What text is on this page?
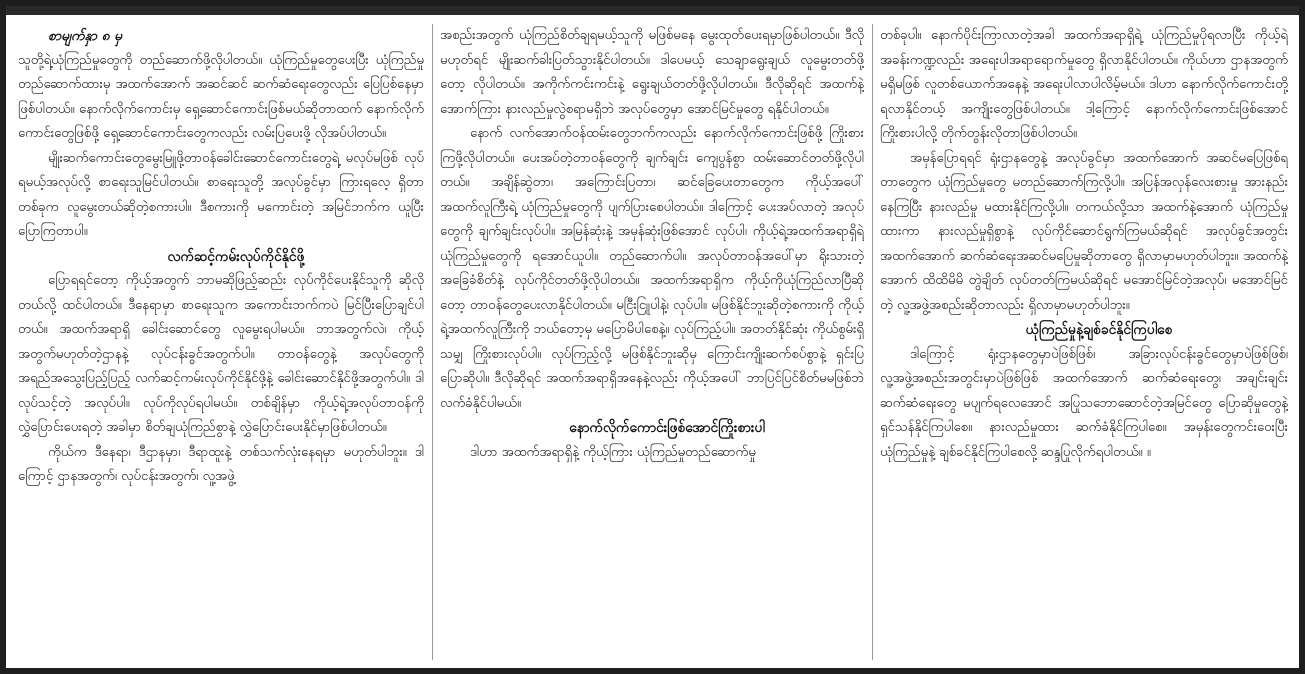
စာမျက်နှာ ၈ မှ

သူတို့ရဲ့ယုံကြည်မှုတွေကို တည်ဆောက်ဖို့လိုပါတယ်။ ယုံကြည်မှုတွေပေးပြီး ယုံကြည်မှုတည်ဆောက်ထားမှ အထက်အောက် အဆင်ဆင် ဆက်ဆံရေးတွေလည်း ပြေပြစ်နေမှာဖြစ်ပါတယ်။ နောက်လိုက်ကောင်းမှ ရှေ့ဆောင်ကောင်းဖြစ်မယ်ဆိုတာထက် နောက်လိုက်ကောင်းတွေဖြစ်ဖို့ ရှေ့ဆောင်ကောင်းတွေကလည်း လမ်းပြပေးဖို့ လိုအပ်ပါတယ်။

မျိုးဆက်ကောင်းတွေမွေးမြူဖို့တာဝန်ခေါင်းဆောင်ကောင်းတွေရဲ့ မလုပ်မဖြစ် လုပ်ရမယ့်အလုပ်လို့ စာရေးသူမြင်ပါတယ်။ စာရေးသူတို့ အလုပ်ခွင်မှာ ကြားရလေ့ ရှိတာတစ်ခုက လူမွေးတယ်ဆိုတဲ့စကားပါ။ ဒီစကားကို မကောင်းတဲ့ အမြင်ဘက်က ယူပြီး ပြောကြတာပါ။

လက်ဆင့်ကမ်းလုပ်ကိုင်နိုင်ဖို့

ပြောရရင်တော့ ကိုယ့်အတွက် ဘာမဆိုဖြည့်ဆည်း လုပ်ကိုင်ပေးနိုင်သူကို ဆိုလိုတယ်လို့ ထင်ပါတယ်။ ဒီနေရာမှာ စာရေးသူက အကောင်းဘက်ကပဲ မြင်ပြီးပြောချင်ပါတယ်။ အထက်အရာရှိ ခေါင်းဆောင်တွေ လူမွေးရပါမယ်။ ဘာအတွက်လဲ၊ ကိုယ့်အတွက်မဟုတ်တဲ့ဌာနနဲ့ လုပ်ငန်းခွင်အတွက်ပါ။ တာဝန်တွေနဲ့ အလုပ်တွေကို အရည်အသွေးပြည့်ပြည့် လက်ဆင့်ကမ်းလုပ်ကိုင်နိုင်ဖို့နဲ့ ခေါင်းဆောင်နိုင်ဖို့အတွက်ပါ။ ဒါလုပ်သင့်တဲ့ အလုပ်ပါ။ လုပ်ကိုလုပ်ရပါမယ်။ တစ်ချိန်မှာ ကိုယ့်ရဲ့အလုပ်တာဝန်ကို လွှဲပြောင်းပေးရတဲ့ အခါမှာ စိတ်ချယုံကြည်စွာနဲ့ လွှဲပြောင်းပေးနိုင်မှာဖြစ်ပါတယ်။

ကိုယ်က ဒီနေရာ၊ ဒီဌာနမှာ၊ ဒီရာထူးနဲ့ တစ်သက်လုံးနေရမှာ မဟုတ်ပါဘူး။ ဒါကြောင့် ဌာနအတွက်၊ လုပ်ငန်းအတွက်၊ လူ့အဖွဲ့

အစည်းအတွက် ယုံကြည်စိတ်ချရမယ့်သူကို မဖြစ်မနေ မွေးထုတ်ပေးရမှာဖြစ်ပါတယ်။ ဒီလိုမဟုတ်ရင် မျိုးဆက်ခါးပြတ်သွားနိုင်ပါတယ်။ ဒါပေမယ့် သေချာရွေးချယ် လူမွေးတတ်ဖို့တော့ လိုပါတယ်။ အကိုက်ကင်းကင်းနဲ့ ရွေးချယ်တတ်ဖို့လိုပါတယ်။ ဒီလိုဆိုရင် အထက်နဲ့ အောက်ကြား နားလည်မှုလွဲစရာမရှိဘဲ အလုပ်တွေမှာ အောင်မြင်မှုတွေ ရနိုင်ပါတယ်။

နောက် လက်အောက်ဝန်ထမ်းတွေဘက်ကလည်း နောက်လိုက်ကောင်းဖြစ်ဖို့ ကြိုးစားကြဖို့လိုပါတယ်။ ပေးအပ်တဲ့တာဝန်တွေကို ချက်ချင်း ကျေပွန်စွာ ထမ်းဆောင်တတ်ဖို့လိုပါတယ်။ အချိန်ဆွဲတာ၊ အကြောင်းပြတာ၊ ဆင်ခြေပေးတာတွေက ကိုယ့်အပေါ် အထက်လူကြီးရဲ့ ယုံကြည်မှုတွေကို ပျက်ပြားစေပါတယ်။ ဒါကြောင့် ပေးအပ်လာတဲ့ အလုပ်တွေကို ချက်ချင်းလုပ်ပါ။ အမြန်ဆုံးနဲ့ အမှန်ဆုံးဖြစ်အောင် လုပ်ပါ၊ ကိုယ့်ရဲ့အထက်အရာရှိရဲ့ ယုံကြည်မှုတွေကို ရအောင်ယူပါ။ တည်ဆောက်ပါ။ အလုပ်တာဝန်အပေါ်မှာ ရိုးသားတဲ့အခြေခံစိတ်နဲ့ လုပ်ကိုင်တတ်ဖို့လိုပါတယ်။ အထက်အရာရှိက ကိုယ့်ကိုယုံကြည်လာပြီဆိုတော့ တာဝန်တွေပေးလာနိုင်ပါတယ်။ မငြီးငြူပါနဲ့၊ လုပ်ပါ။ မဖြစ်နိုင်ဘူးဆိုတဲ့စကားကို ကိုယ့်ရဲ့အထက်လူကြီးကို ဘယ်တော့မှ မပြောမိပါစေနဲ့။ လုပ်ကြည့်ပါ။ အတတ်နိုင်ဆုံး ကိုယ်စွမ်းရှိသမျှ ကြိုးစားလုပ်ပါ။ လုပ်ကြည့်လို့ မဖြစ်နိုင်ဘူးဆိုမှ ကြောင်းကျိုးဆက်စပ်စွာနဲ့ ရှင်းပြပြောဆိုပါ။ ဒီလိုဆိုရင် အထက်အရာရှိအနေနဲ့လည်း ကိုယ့်အပေါ် ဘာပြင်ပြင်စိတ်မမဖြစ်ဘဲ လက်ခံနိုင်ပါမယ်။

နောက်လိုက်ကောင်းဖြစ်အောင်ကြိုးစားပါ

ဒါဟာ အထက်အရာရှိနဲ့ ကိုယ့်ကြား ယုံကြည်မှုတည်ဆောက်မှု

တစ်ခုပါ။ နောက်ပိုင်းကြာလာတဲ့အခါ အထက်အရာရှိရဲ့ ယုံကြည်မှုပိုရလာပြီး ကိုယ့်ရဲ့အခန်းကဏ္ဍလည်း အရေးပါအရာရောက်မှုတွေ ရှိလာနိုင်ပါတယ်။ ကိုယ်ဟာ ဌာနအတွက် မရှိမဖြစ် လူတစ်ယောက်အနေနဲ့ အရေးပါလာပါလိမ့်မယ်။ ဒါဟာ နောက်လိုက်ကောင်းတို့ ရလာနိုင်တယ့် အကျိုးတွေဖြစ်ပါတယ်။ ဒါ့ကြောင့် နောက်လိုက်ကောင်းဖြစ်အောင် ကြိုးစားပါလို့ တိုက်တွန်းလိုတာဖြစ်ပါတယ်။

အမှန်ပြောရရင် ရုံးဌာနတွေနဲ့ အလုပ်ခွင်မှာ အထက်အောက် အဆင်မပြေဖြစ်ရတာတွေက ယုံကြည်မှုတွေ မတည်ဆောက်ကြလို့ပါ။ အပြန်အလှန်လေးစားမှု အားနည်းနေကြပြီး နားလည်မှု မထားနိုင်ကြလို့ပါ။ တကယ်လို့သာ အထက်နဲ့အောက် ယုံကြည်မှုထားကာ နားလည်မှုရှိစွာနဲ့ လုပ်ကိုင်ဆောင်ရွက်ကြမယ်ဆိုရင် အလုပ်ခွင်အတွင်း အထက်အောက် ဆက်ဆံရေးအဆင်မပြေမှုဆိုတာတွေ ရှိလာမှာမဟုတ်ပါဘူး။ အထက်နဲ့အောက် ထိထိမိမိ တွဲချိတ် လုပ်တတ်ကြမယ်ဆိုရင် မအောင်မြင်တဲ့အလုပ်၊ မအောင်မြင်တဲ့ လူ့အဖွဲ့အစည်းဆိုတာလည်း ရှိလာမှာမဟုတ်ပါဘူး။

ယုံကြည်မှုနဲ့ချစ်ခင်နိုင်ကြပါစေ

ဒါကြောင့် ရုံးဌာနတွေမှာပဲဖြစ်ဖြစ်၊ အခြားလုပ်ငန်းခွင်တွေမှာပဲဖြစ်ဖြစ်၊ လူ့အဖွဲ့အစည်းအတွင်းမှာပဲဖြစ်ဖြစ် အထက်အောက် ဆက်ဆံရေးတွေ၊ အချင်းချင်းဆက်ဆံရေးတွေ မပျက်ရလေအောင် အပြုသဘောဆောင်တဲ့အမြင်တွေ ပြောဆိုမှုတွေနဲ့ ရှင်သန်နိုင်ကြပါစေ။ နားလည်မှုထား ဆက်ခံနိုင်ကြပါစေ။ အမှန်းတွေကင်းဝေးပြီး ယုံကြည်မှုနဲ့ ချစ်ခင်နိုင်ကြပါစေလို့ ဆန္ဒပြုလိုက်ရပါတယ်။ ။
